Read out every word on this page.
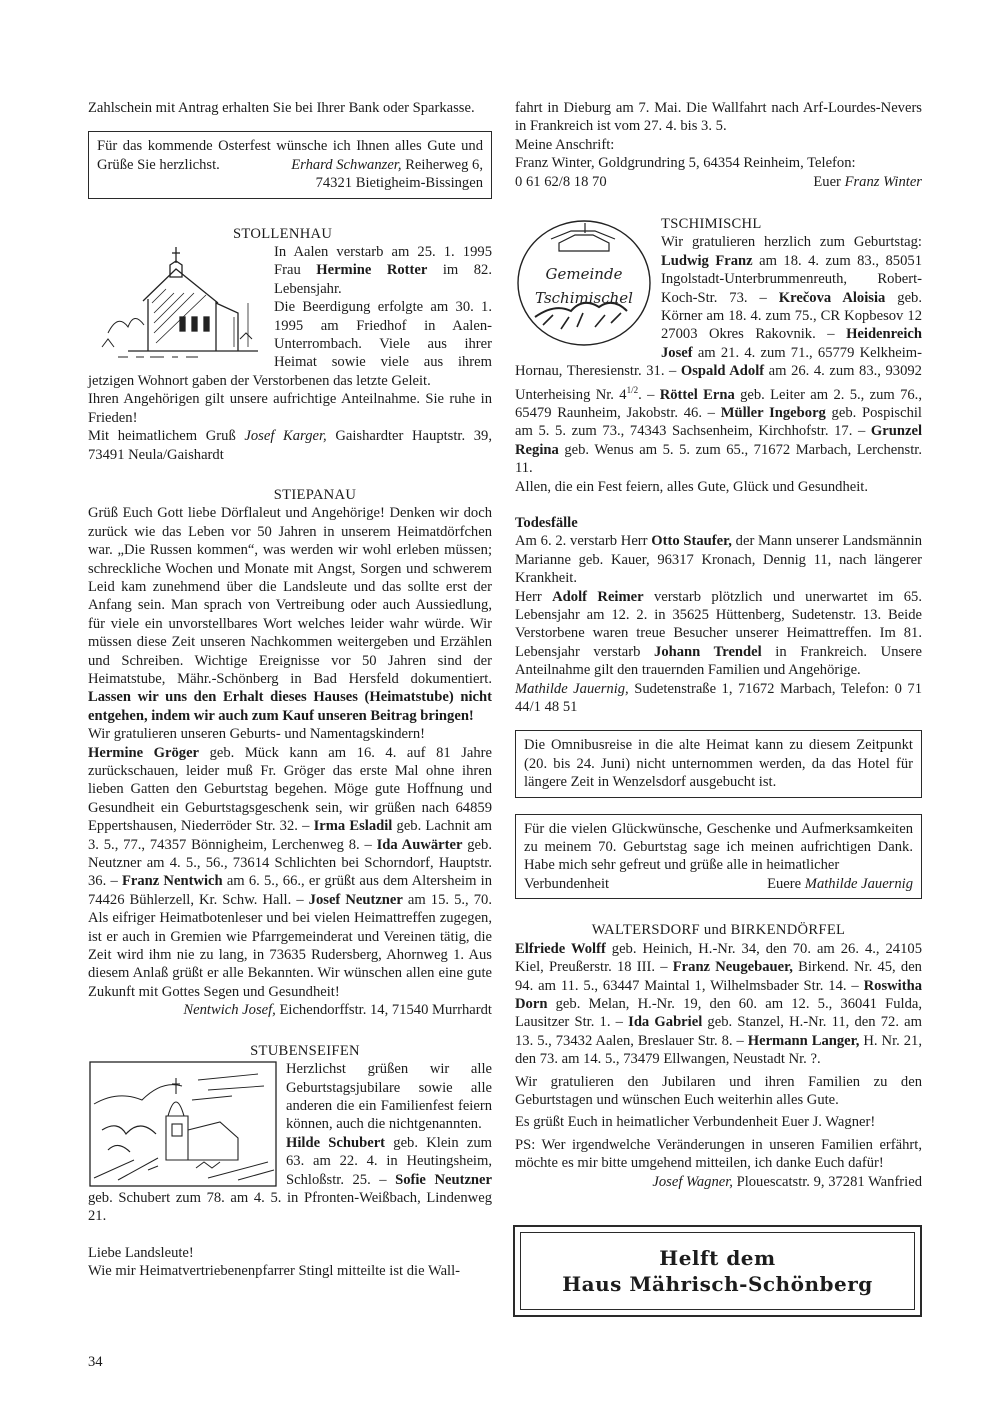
Zahlschein mit Antrag erhalten Sie bei Ihrer Bank oder Sparkasse.

Für das kommende Osterfest wünsche ich Ihnen alles Gute und Grüße Sie herzlichst.	Erhard Schwanzer, Reiherweg 6,
74321 Bietigheim-Bissingen
STOLLENHAU

In Aalen verstarb am 25. 1. 1995 Frau Hermine Rotter im 82. Lebensjahr.

Die Beerdigung erfolgte am 30. 1. 1995 am Friedhof in Aalen-Unterrombach. Viele aus ihrer Heimat sowie viele aus ihrem jetzigen Wohnort gaben der Verstorbenen das letzte Geleit.

Ihren Angehörigen gilt unsere aufrichtige Anteilnahme. Sie ruhe in Frieden!

Mit heimatlichem Gruß Josef Karger, Gaishardter Hauptstr. 39, 73491 Neula/Gaishardt

STIEPANAU

Grüß Euch Gott liebe Dörflaleut und Angehörige! Denken wir doch zurück wie das Leben vor 50 Jahren in unserem Heimatdörfchen war. „Die Russen kommen“, was werden wir wohl erleben müssen; schreckliche Wochen und Monate mit Angst, Sorgen und schwerem Leid kam zunehmend über die Landsleute und das sollte erst der Anfang sein. Man sprach von Vertreibung oder auch Aussiedlung, für viele ein unvorstellbares Wort welches leider wahr würde. Wir müssen diese Zeit unseren Nachkommen weitergeben und Erzählen und Schreiben. Wichtige Ereignisse vor 50 Jahren sind der Heimatstube, Mähr.-Schönberg in Bad Hersfeld dokumentiert. Lassen wir uns den Erhalt dieses Hauses (Heimatstube) nicht entgehen, indem wir auch zum Kauf unseren Beitrag bringen!

Wir gratulieren unseren Geburts- und Namentagskindern!

Hermine Gröger geb. Mück kann am 16. 4. auf 81 Jahre zurückschauen, leider muß Fr. Gröger das erste Mal ohne ihren lieben Gatten den Geburtstag begehen. Möge gute Hoffnung und Gesundheit ein Geburtstagsgeschenk sein, wir grüßen nach 64859 Eppertshausen, Niederröder Str. 32. – Irma Esladil geb. Lachnit am 3. 5., 77., 74357 Bönnigheim, Lerchenweg 8. – Ida Auwärter geb. Neutzner am 4. 5., 56., 73614 Schlichten bei Schorndorf, Hauptstr. 36. – Franz Nentwich am 6. 5., 66., er grüßt aus dem Altersheim in 74426 Bühlerzell, Kr. Schw. Hall. – Josef Neutzner am 15. 5., 70. Als eifriger Heimatbotenleser und bei vielen Heimattreffen zugegen, ist er auch in Gremien wie Pfarrgemeinderat und Vereinen tätig, die Zeit wird ihm nie zu lang, in 73635 Rudersberg, Ahornweg 1. Aus diesem Anlaß grüßt er alle Bekannten. Wir wünschen allen eine gute Zukunft mit Gottes Segen und Gesundheit!

Nentwich Josef, Eichendorffstr. 14, 71540 Murrhardt

STUBENSEIFEN

Herzlichst grüßen wir alle Geburtstagsjubilare sowie alle anderen die ein Familienfest feiern können, auch die nichtgenannten.

Hilde Schubert geb. Klein zum 63. am 22. 4. in Heutingsheim, Schloßstr. 25. – Sofie Neutzner geb. Schubert zum 78. am 4. 5. in Pfronten-Weißbach, Lindenweg 21.

Liebe Landsleute!

Wie mir Heimatvertriebenenpfarrer Stingl mitteilte ist die Wall-

fahrt in Dieburg am 7. Mai. Die Wallfahrt nach Arf-Lourdes-Nevers in Frankreich ist vom 27. 4. bis 3. 5.

Meine Anschrift:

Franz Winter, Goldgrundring 5, 64354 Reinheim, Telefon:

0 61 62/8 18 70	Euer Franz Winter
Gemeinde
Tschimischel
TSCHIMISCHL

Wir gratulieren herzlich zum Geburtstag: Ludwig Franz am 18. 4. zum 83., 85051 Ingolstadt-Unterbrummenreuth, Robert-Koch-Str. 73. – Krečova Aloisia geb. Körner am 18. 4. zum 75., CR Kopbesov 12 27003 Okres Rakovnik. – Heidenreich Josef am 21. 4. zum 71., 65779 Kelkheim-Hornau, Theresienstr. 31. – Ospald Adolf am 26. 4. zum 83., 93092 Unterheising Nr. $4^{1/2}$. – Röttel Erna geb. Leiter am 2. 5., zum 76., 65479 Raunheim, Jakobstr. 46. – Müller Ingeborg geb. Pospischil am 5. 5. zum 73., 74343 Sachsenheim, Kirchhofstr. 17. – Grunzel Regina geb. Wenus am 5. 5. zum 65., 71672 Marbach, Lerchenstr. 11.

Allen, die ein Fest feiern, alles Gute, Glück und Gesundheit.

Todesfälle

Am 6. 2. verstarb Herr Otto Staufer, der Mann unserer Landsmännin Marianne geb. Kauer, 96317 Kronach, Dennig 11, nach längerer Krankheit.

Herr Adolf Reimer verstarb plötzlich und unerwartet im 65. Lebensjahr am 12. 2. in 35625 Hüttenberg, Sudetenstr. 13. Beide Verstorbene waren treue Besucher unserer Heimattreffen. Im 81. Lebensjahr verstarb Johann Trendel in Frankreich. Unsere Anteilnahme gilt den trauernden Familien und Angehörige.

Mathilde Jauernig, Sudetenstraße 1, 71672 Marbach, Telefon: 0 71 44/1 48 51

Die Omnibusreise in die alte Heimat kann zu diesem Zeitpunkt (20. bis 24. Juni) nicht unternommen werden, da das Hotel für längere Zeit in Wenzelsdorf ausgebucht ist.

Für die vielen Glückwünsche, Geschenke und Aufmerksamkeiten zu meinem 70. Geburtstag sage ich meinen aufrichtigen Dank. Habe mich sehr gefreut und grüße alle in heimatlicher

Verbundenheit	Euere Mathilde Jauernig
WALTERSDORF und BIRKENDÖRFEL

Elfriede Wolff geb. Heinich, H.-Nr. 34, den 70. am 26. 4., 24105 Kiel, Preußerstr. 18 III. – Franz Neugebauer, Birkend. Nr. 45, den 94. am 11. 5., 63447 Maintal 1, Wilhelmsbader Str. 14. – Roswitha Dorn geb. Melan, H.-Nr. 19, den 60. am 12. 5., 36041 Fulda, Lausitzer Str. 1. – Ida Gabriel geb. Stanzel, H.-Nr. 11, den 72. am 13. 5., 73432 Aalen, Breslauer Str. 8. – Hermann Langer, H. Nr. 21, den 73. am 14. 5., 73479 Ellwangen, Neustadt Nr. ?.

Wir gratulieren den Jubilaren und ihren Familien zu den Geburtstagen und wünschen Euch weiterhin alles Gute.

Es grüßt Euch in heimatlicher Verbundenheit Euer J. Wagner!

PS: Wer irgendwelche Veränderungen in unseren Familien erfährt, möchte es mir bitte umgehend mitteilen, ich danke Euch dafür!

Josef Wagner, Plouescatstr. 9, 37281 Wanfried

Helft dem
Haus Mährisch-Schönberg
34
